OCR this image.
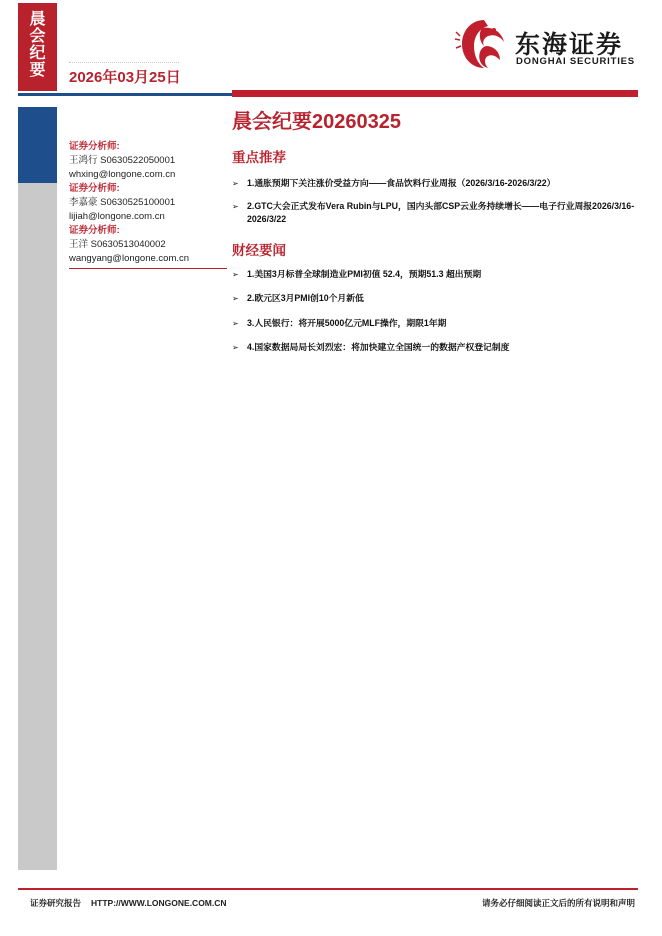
晨
会
纪
要	2026年03月25日
东海证券
DONGHAI SECURITIES
证券分析师:
王鸿行 S0630522050001
whxing@longone.com.cn
证券分析师:
李嘉豪 S0630525100001
lijiah@longone.com.cn
证券分析师:
王洋 S0630513040002
wangyang@longone.com.cn
晨会纪要20260325
重点推荐
➢ 1.通胀预期下关注涨价受益方向——食品饮料行业周报（2026/3/16-2026/3/22）
➢ 2.GTC大会正式发布Vera Rubin与LPU，国内头部CSP云业务持续增长——电子行业周报2026/3/16-2026/3/22
财经要闻
➢ 1.美国3月标普全球制造业PMI初值 52.4，预期51.3 超出预期
➢ 2.欧元区3月PMI创10个月新低
➢ 3.人民银行：将开展5000亿元MLF操作，期限1年期
➢ 4.国家数据局局长刘烈宏：将加快建立全国统一的数据产权登记制度
证券研究报告 HTTP://WWW.LONGONE.COM.CN	请务必仔细阅读正文后的所有说明和声明
